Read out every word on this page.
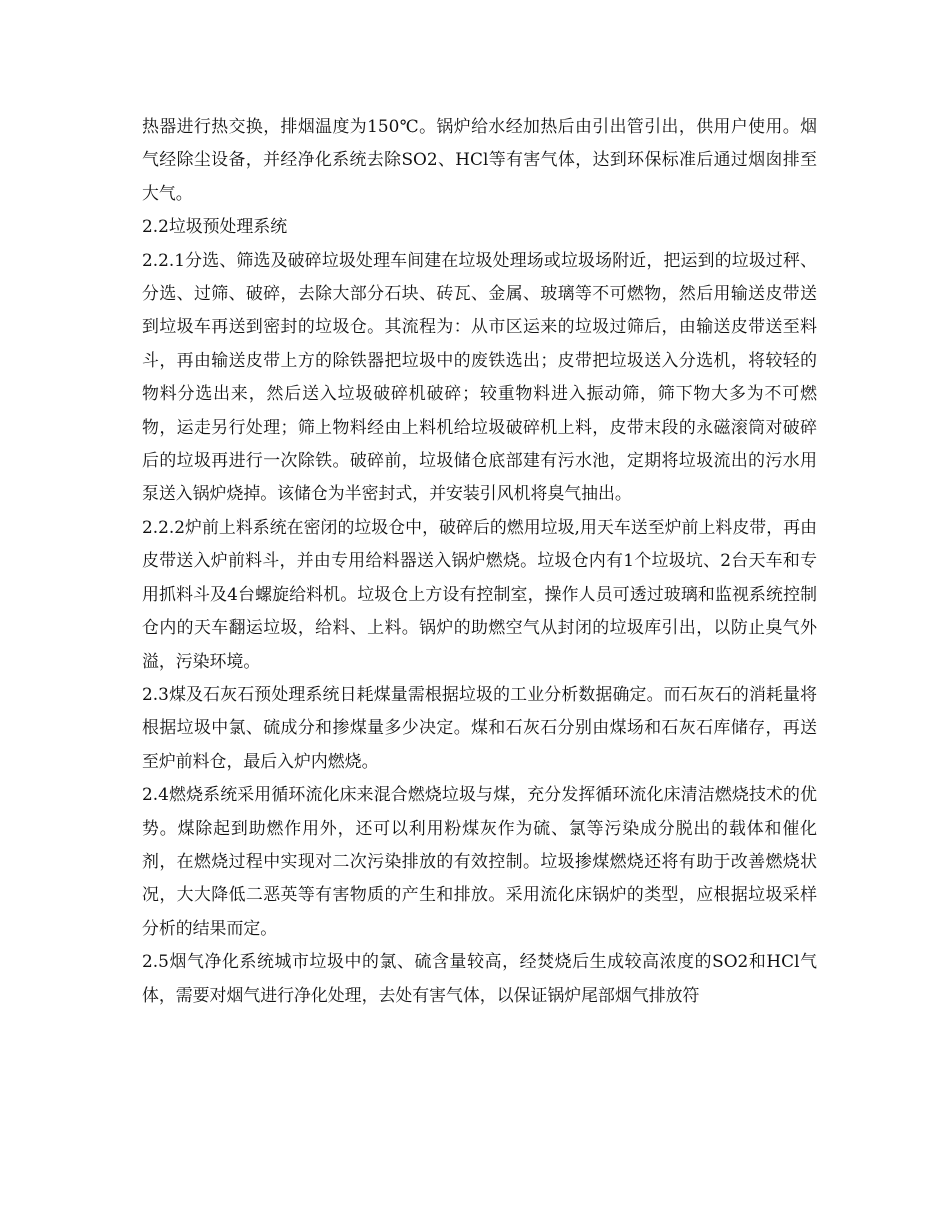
热器进行热交换，排烟温度为150℃。锅炉给水经加热后由引出管引出，供用户使用。烟气经除尘设备，并经净化系统去除SO2、HCl等有害气体，达到环保标准后通过烟囱排至大气。

2.2垃圾预处理系统

2.2.1分选、筛选及破碎垃圾处理车间建在垃圾处理场或垃圾场附近，把运到的垃圾过秤、分选、过筛、破碎，去除大部分石块、砖瓦、金属、玻璃等不可燃物，然后用输送皮带送到垃圾车再送到密封的垃圾仓。其流程为：从市区运来的垃圾过筛后，由输送皮带送至料斗，再由输送皮带上方的除铁器把垃圾中的废铁选出；皮带把垃圾送入分选机，将较轻的物料分选出来，然后送入垃圾破碎机破碎；较重物料进入振动筛，筛下物大多为不可燃物，运走另行处理；筛上物料经由上料机给垃圾破碎机上料，皮带末段的永磁滚筒对破碎后的垃圾再进行一次除铁。破碎前，垃圾储仓底部建有污水池，定期将垃圾流出的污水用泵送入锅炉烧掉。该储仓为半密封式，并安装引风机将臭气抽出。

2.2.2炉前上料系统在密闭的垃圾仓中，破碎后的燃用垃圾,用天车送至炉前上料皮带，再由皮带送入炉前料斗，并由专用给料器送入锅炉燃烧。垃圾仓内有1个垃圾坑、2台天车和专用抓料斗及4台螺旋给料机。垃圾仓上方设有控制室，操作人员可透过玻璃和监视系统控制仓内的天车翻运垃圾，给料、上料。锅炉的助燃空气从封闭的垃圾库引出，以防止臭气外溢，污染环境。

2.3煤及石灰石预处理系统日耗煤量需根据垃圾的工业分析数据确定。而石灰石的消耗量将根据垃圾中氯、硫成分和掺煤量多少决定。煤和石灰石分别由煤场和石灰石库储存，再送至炉前料仓，最后入炉内燃烧。

2.4燃烧系统采用循环流化床来混合燃烧垃圾与煤，充分发挥循环流化床清洁燃烧技术的优势。煤除起到助燃作用外，还可以利用粉煤灰作为硫、氯等污染成分脱出的载体和催化剂，在燃烧过程中实现对二次污染排放的有效控制。垃圾掺煤燃烧还将有助于改善燃烧状况，大大降低二恶英等有害物质的产生和排放。采用流化床锅炉的类型，应根据垃圾采样分析的结果而定。

2.5烟气净化系统城市垃圾中的氯、硫含量较高，经焚烧后生成较高浓度的SO2和HCl气体，需要对烟气进行净化处理，去处有害气体，以保证锅炉尾部烟气排放符
